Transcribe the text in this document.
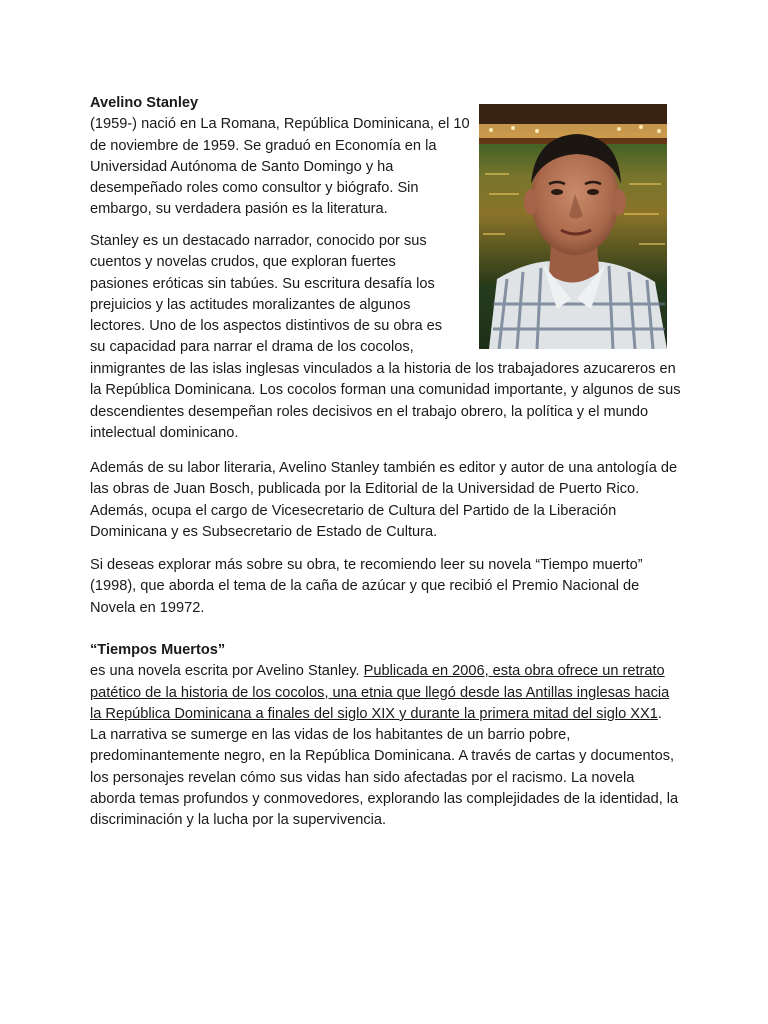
Avelino Stanley

(1959-) nació en La Romana, República Dominicana, el 10 de noviembre de 1959. Se graduó en Economía en la Universidad Autónoma de Santo Domingo y ha desempeñado roles como consultor y biógrafo. Sin embargo, su verdadera pasión es la literatura.

Stanley es un destacado narrador, conocido por sus

cuentos y novelas crudos, que exploran fuertes

pasiones eróticas sin tabúes. Su escritura desafía los

prejuicios y las actitudes moralizantes de algunos

lectores. Uno de los aspectos distintivos de su obra es

su capacidad para narrar el drama de los cocolos,

inmigrantes de las islas inglesas vinculados a la historia de los trabajadores azucareros en la República Dominicana. Los cocolos forman una comunidad importante, y algunos de sus descendientes desempeñan roles decisivos en el trabajo obrero, la política y el mundo intelectual dominicano.

Además de su labor literaria, Avelino Stanley también es editor y autor de una antología de las obras de Juan Bosch, publicada por la Editorial de la Universidad de Puerto Rico. Además, ocupa el cargo de Vicesecretario de Cultura del Partido de la Liberación Dominicana y es Subsecretario de Estado de Cultura.

Si deseas explorar más sobre su obra, te recomiendo leer su novela “Tiempo muerto” (1998), que aborda el tema de la caña de azúcar y que recibió el Premio Nacional de Novela en 19972.

“Tiempos Muertos”

es una novela escrita por Avelino Stanley. Publicada en 2006, esta obra ofrece un retrato patético de la historia de los cocolos, una etnia que llegó desde las Antillas inglesas hacia la República Dominicana a finales del siglo XIX y durante la primera mitad del siglo XX1. La narrativa se sumerge en las vidas de los habitantes de un barrio pobre, predominantemente negro, en la República Dominicana. A través de cartas y documentos, los personajes revelan cómo sus vidas han sido afectadas por el racismo. La novela aborda temas profundos y conmovedores, explorando las complejidades de la identidad, la discriminación y la lucha por la supervivencia.
